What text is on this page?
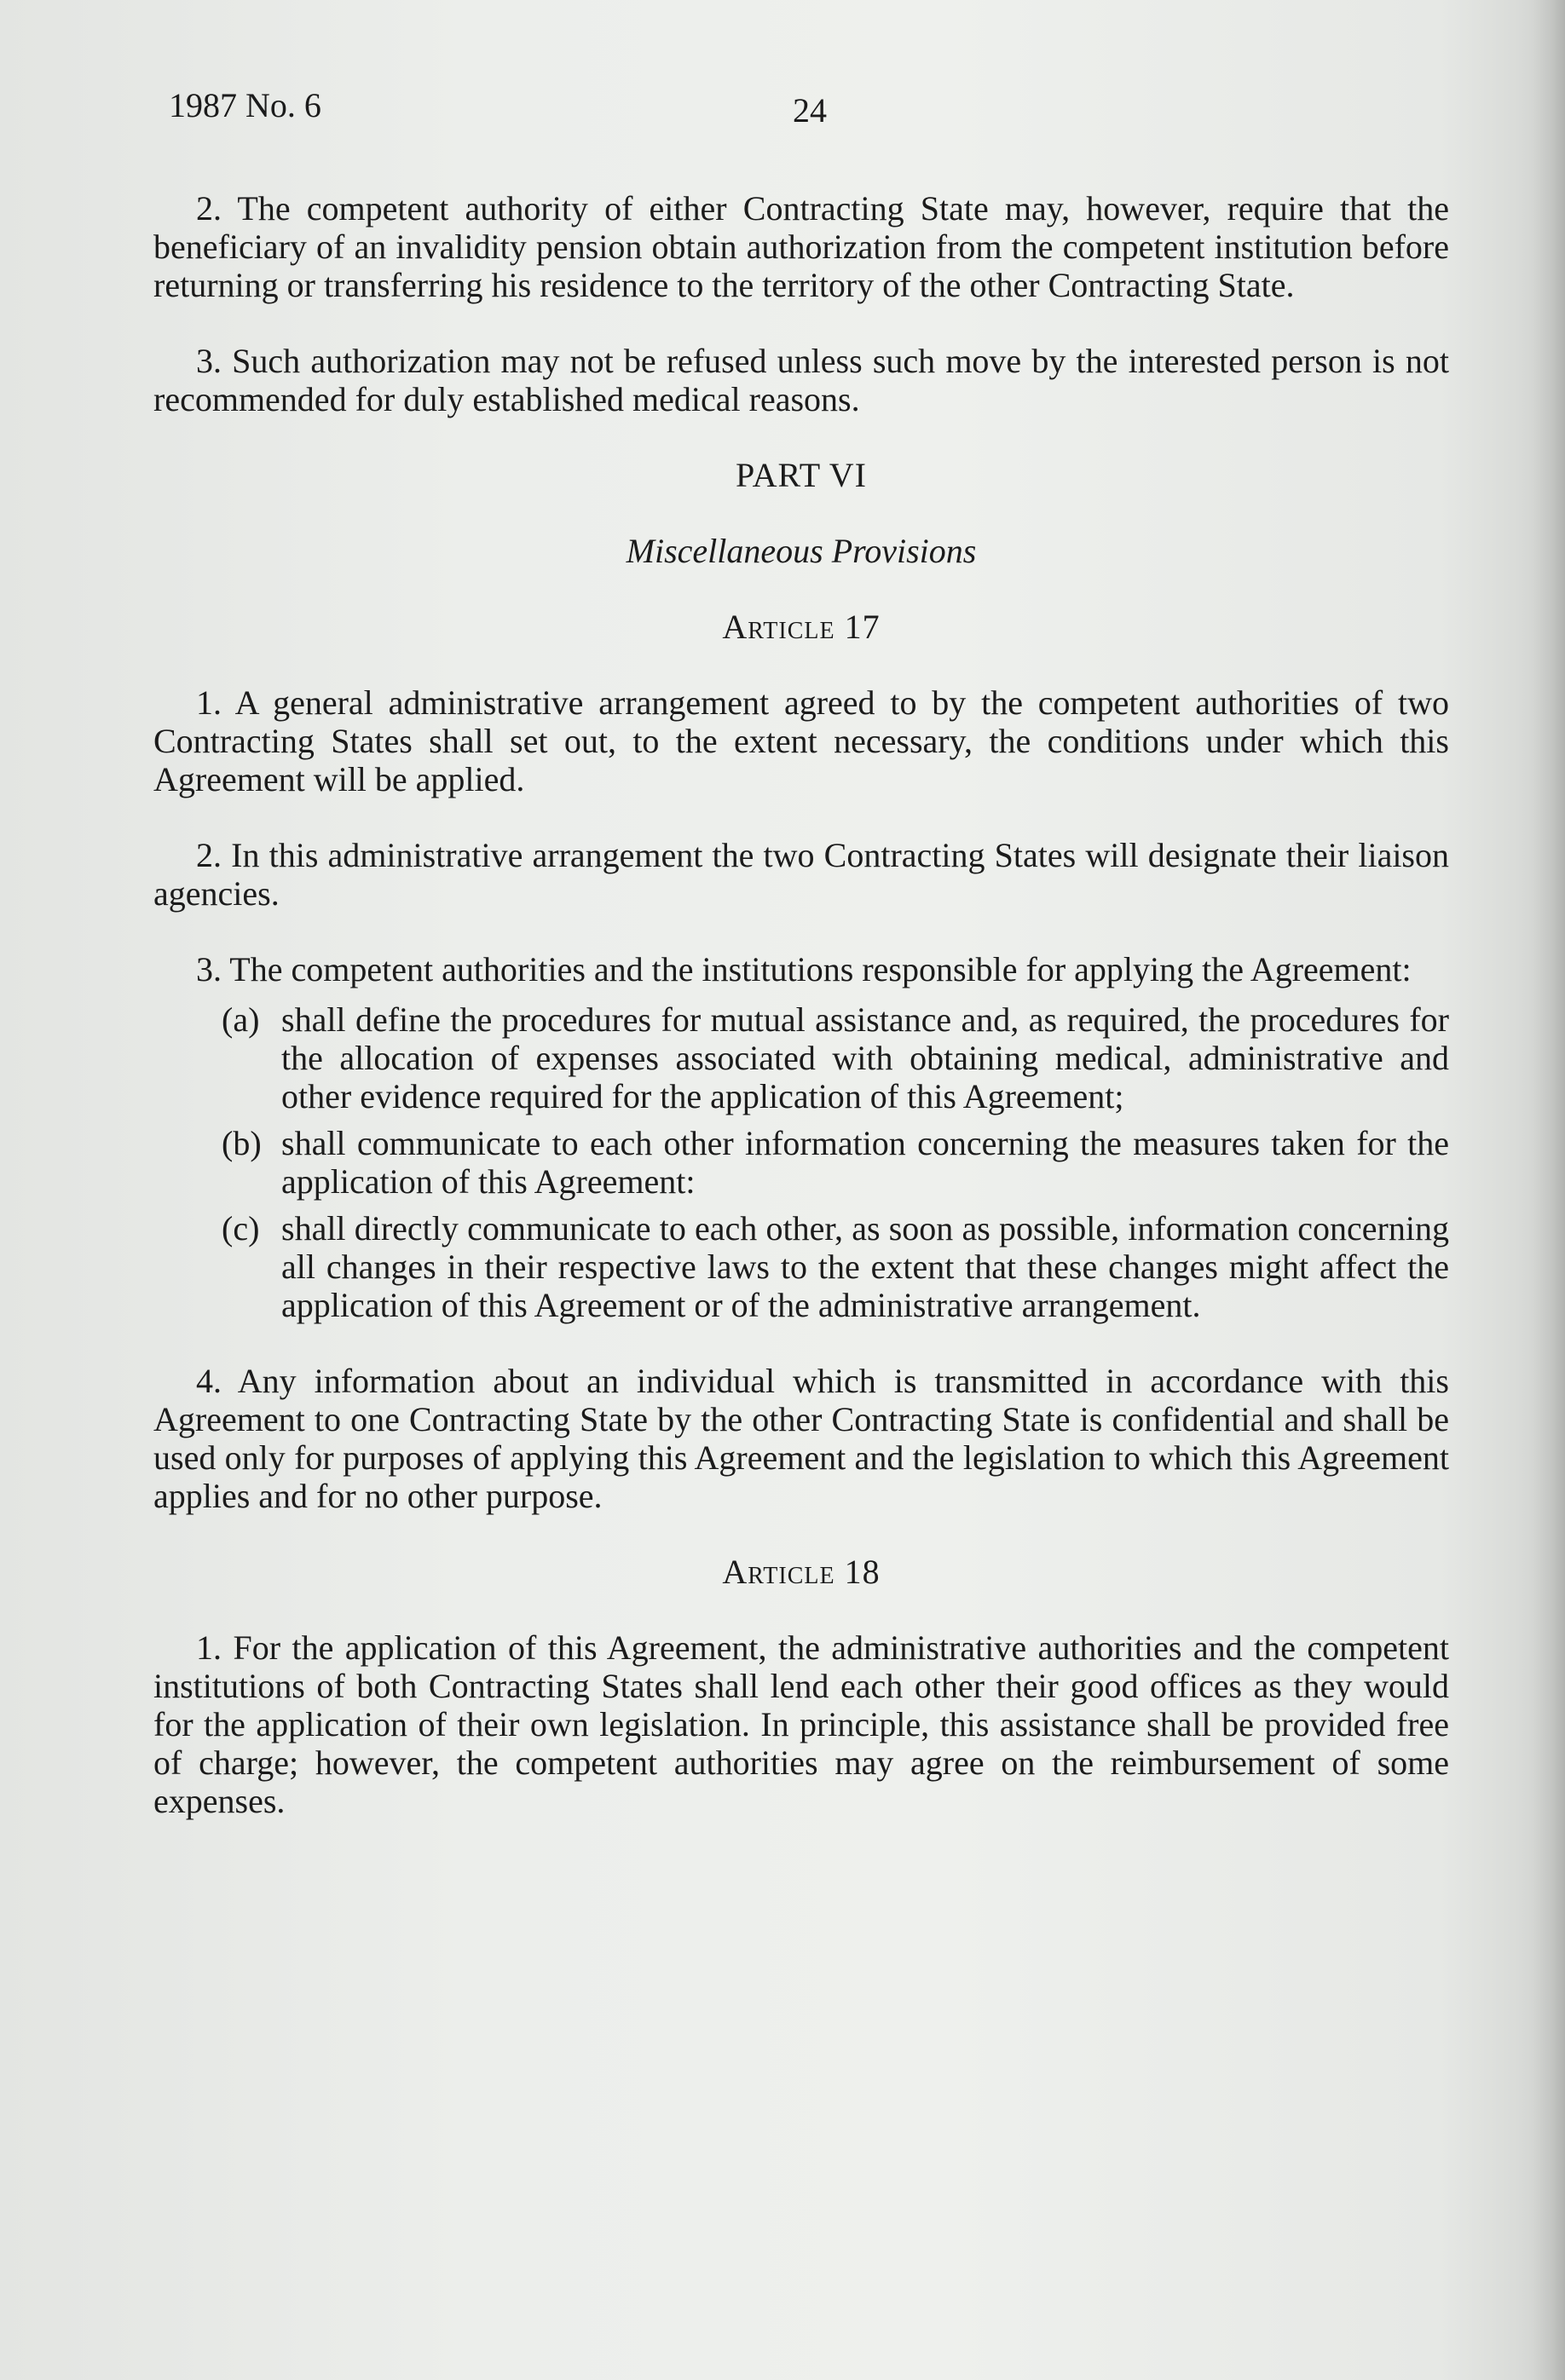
1987 No. 6	24

2. The competent authority of either Contracting State may, however, require that the beneficiary of an invalidity pension obtain authorization from the competent institution before returning or transferring his residence to the territory of the other Contracting State.

3. Such authorization may not be refused unless such move by the interested person is not recommended for duly established medical reasons.

PART VI
Miscellaneous Provisions
Article 17

1. A general administrative arrangement agreed to by the competent authorities of two Contracting States shall set out, to the extent necessary, the conditions under which this Agreement will be applied.

2. In this administrative arrangement the two Contracting States will designate their liaison agencies.

3. The competent authorities and the institutions responsible for applying the Agreement:

(a) shall define the procedures for mutual assistance and, as required, the procedures for the allocation of expenses associated with obtaining medical, administrative and other evidence required for the application of this Agreement;
(b) shall communicate to each other information concerning the measures taken for the application of this Agreement:
(c) shall directly communicate to each other, as soon as possible, information concerning all changes in their respective laws to the extent that these changes might affect the application of this Agreement or of the administrative arrangement.

4. Any information about an individual which is transmitted in accordance with this Agreement to one Contracting State by the other Contracting State is confidential and shall be used only for purposes of applying this Agreement and the legislation to which this Agreement applies and for no other purpose.

Article 18

1. For the application of this Agreement, the administrative authorities and the competent institutions of both Contracting States shall lend each other their good offices as they would for the application of their own legislation. In principle, this assistance shall be provided free of charge; however, the competent authorities may agree on the reimbursement of some expenses.
